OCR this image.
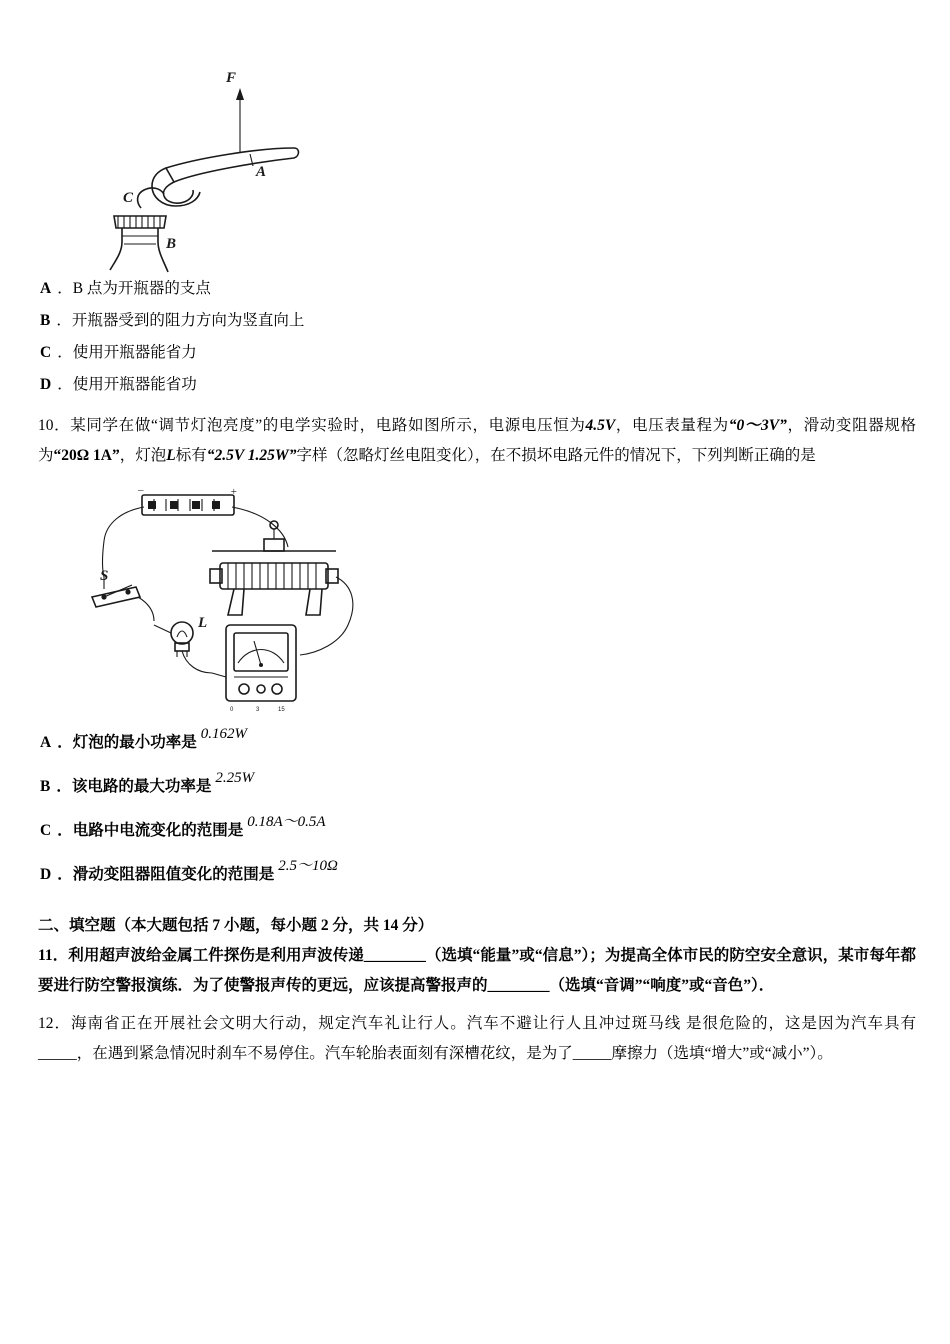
F
C
B
A

A ．B 点为开瓶器的支点

B ．开瓶器受到的阻力方向为竖直向上

C ．使用开瓶器能省力

D ．使用开瓶器能省功

10．某同学在做“调节灯泡亮度”的电学实验时，电路如图所示，电源电压恒为4.5V，电压表量程为“0～3V”，滑动变阻器规格为“20Ω 1A”，灯泡L标有“2.5V 1.25W”字样（忽略灯丝电阻变化），在不损坏电路元件的情况下，下列判断正确的是

–	+
S
L
0	3	15

A ．灯泡的最小功率是 0.162W

B ．该电路的最大功率是 2.25W

C ．电路中电流变化的范围是 0.18A～0.5A

D ．滑动变阻器阻值变化的范围是 2.5～10Ω

二、填空题（本大题包括 7 小题，每小题 2 分，共 14 分）

11．利用超声波给金属工件探伤是利用声波传递________（选填“能量”或“信息”）；为提高全体市民的防空安全意识，某市每年都要进行防空警报演练．为了使警报声传的更远，应该提高警报声的________（选填“音调”“响度”或“音色”）．

12．海南省正在开展社会文明大行动，规定汽车礼让行人。汽车不避让行人且冲过斑马线 是很危险的，这是因为汽车具有_____，在遇到紧急情况时刹车不易停住。汽车轮胎表面刻有深槽花纹，是为了_____摩擦力（选填“增大”或“减小”）。
